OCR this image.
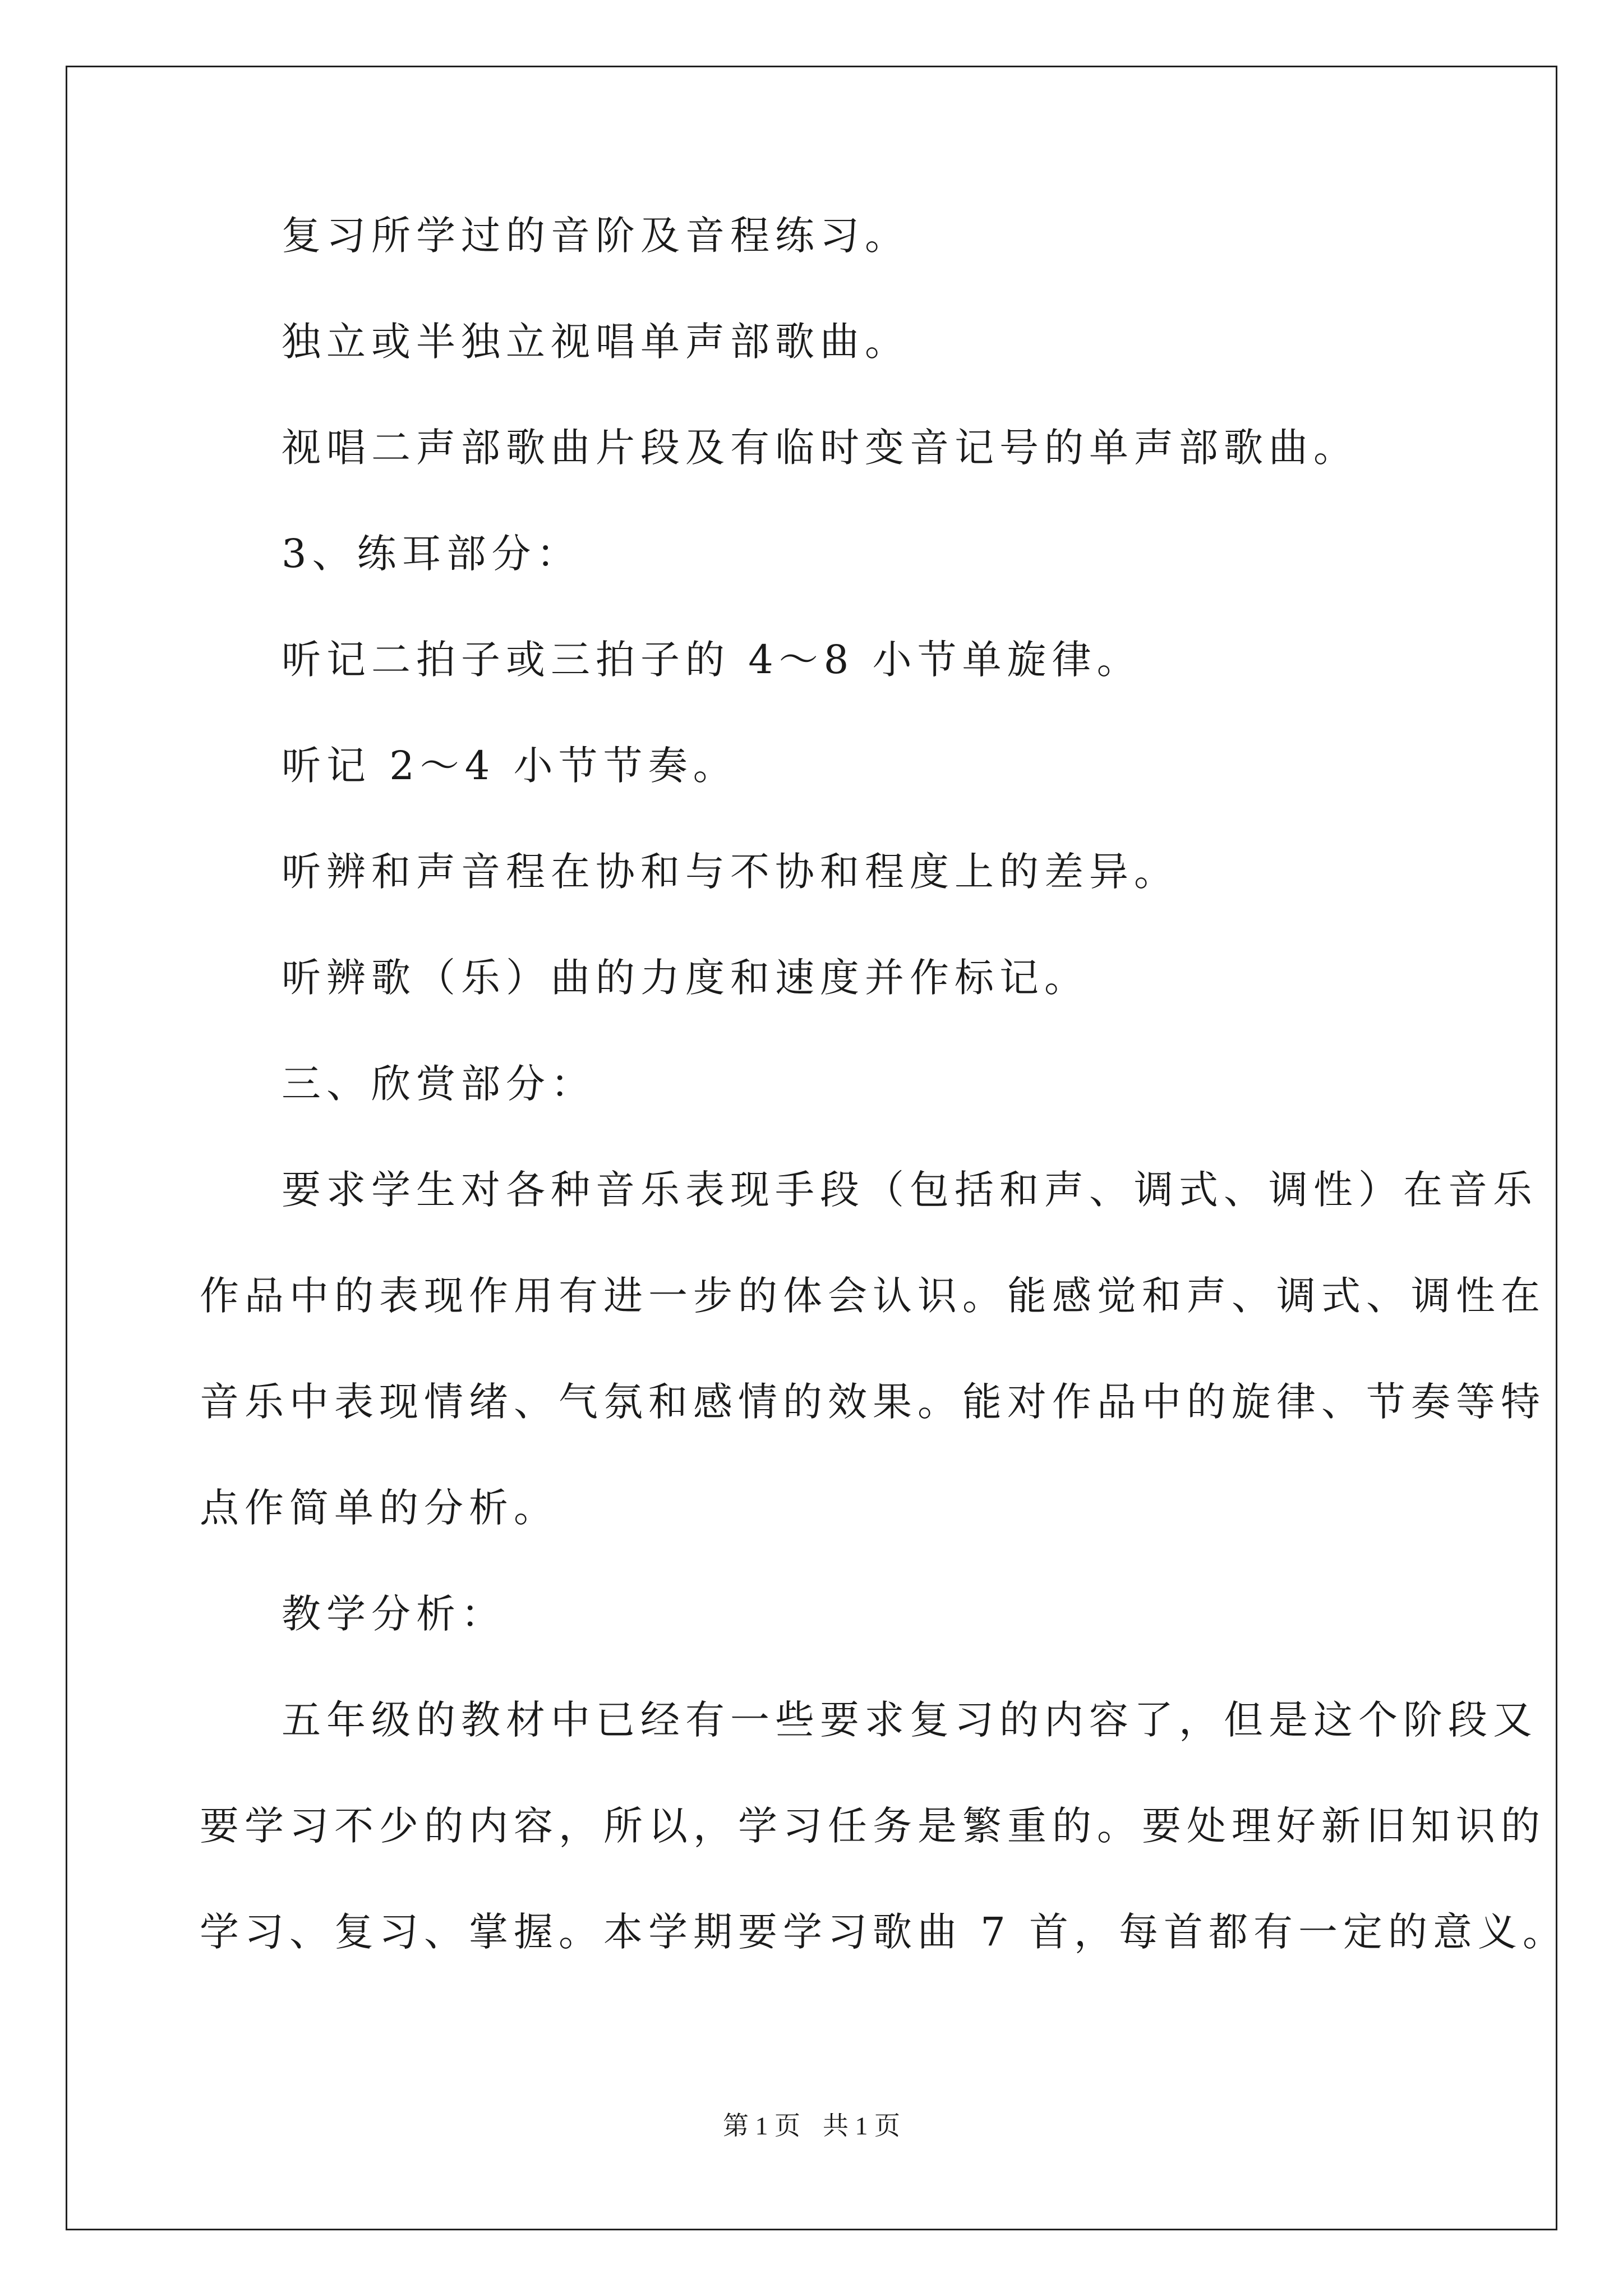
复习所学过的音阶及音程练习。
独立或半独立视唱单声部歌曲。
视唱二声部歌曲片段及有临时变音记号的单声部歌曲。
3、练耳部分：
听记二拍子或三拍子的 4～8 小节单旋律。
听记 2～4 小节节奏。
听辨和声音程在协和与不协和程度上的差异。
听辨歌（乐）曲的力度和速度并作标记。
三、欣赏部分：
要求学生对各种音乐表现手段（包括和声、调式、调性）在音乐
作品中的表现作用有进一步的体会认识。能感觉和声、调式、调性在
音乐中表现情绪、气氛和感情的效果。能对作品中的旋律、节奏等特
点作简单的分析。
教学分析：
五年级的教材中已经有一些要求复习的内容了，但是这个阶段又
要学习不少的内容，所以，学习任务是繁重的。要处理好新旧知识的
学习、复习、掌握。本学期要学习歌曲 7 首，每首都有一定的意义。
第 1 页 共 1 页
